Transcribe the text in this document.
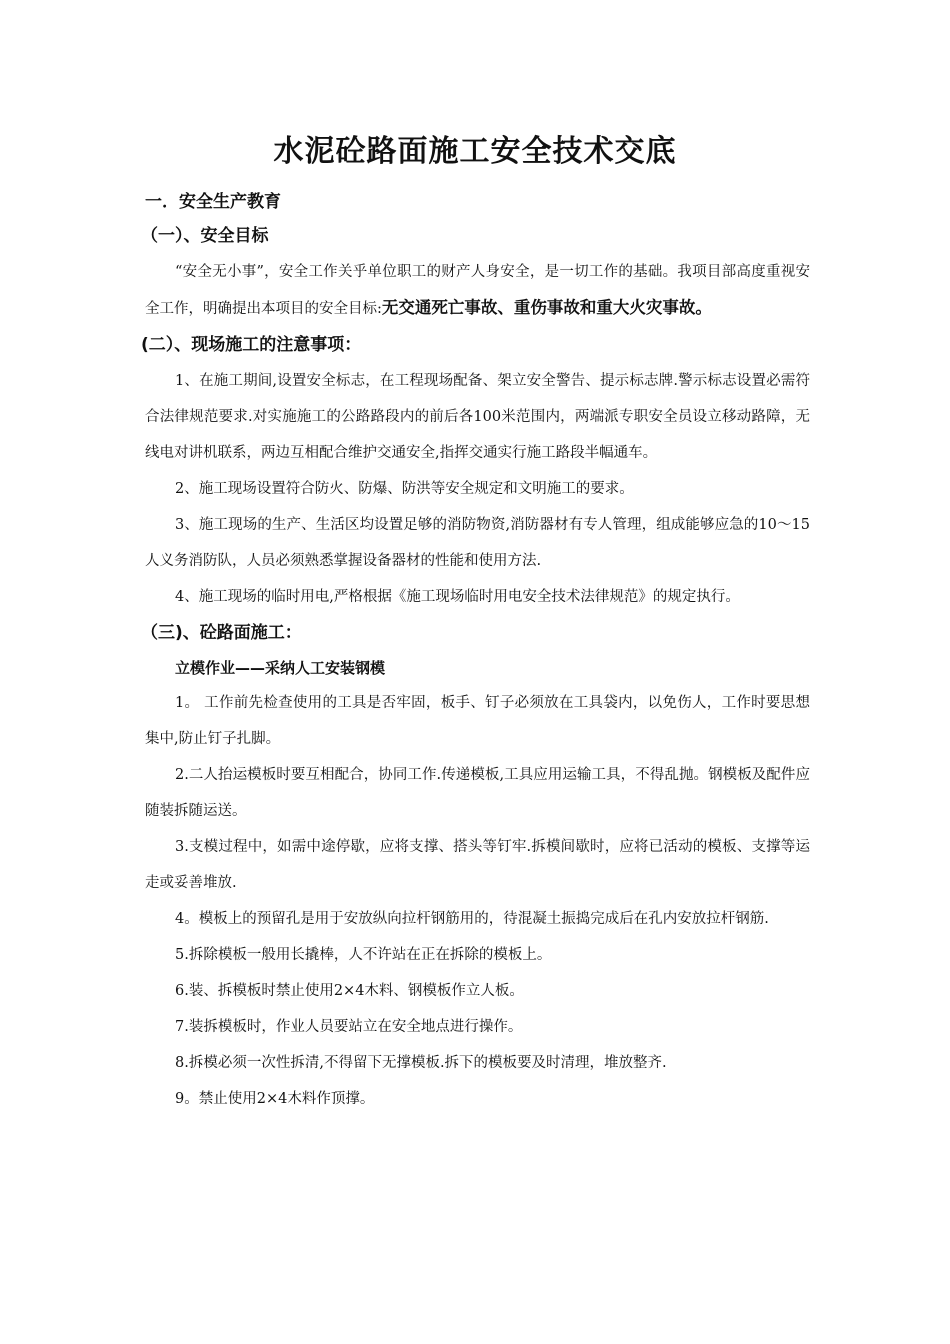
水泥砼路面施工安全技术交底
一．安全生产教育
（一）、安全目标

“安全无小事”，安全工作关乎单位职工的财产人身安全，是一切工作的基础。我项目部高度重视安全工作，明确提出本项目的安全目标:无交通死亡事故、重伤事故和重大火灾事故。

(二）、现场施工的注意事项：

1、在施工期间,设置安全标志，在工程现场配备、架立安全警告、提示标志牌.警示标志设置必需符合法律规范要求.对实施施工的公路路段内的前后各100米范围内，两端派专职安全员设立移动路障，无线电对讲机联系，两边互相配合维护交通安全,指挥交通实行施工路段半幅通车。

2、施工现场设置符合防火、防爆、防洪等安全规定和文明施工的要求。

3、施工现场的生产、生活区均设置足够的消防物资,消防器材有专人管理，组成能够应急的10～15人义务消防队，人员必须熟悉掌握设备器材的性能和使用方法.

4、施工现场的临时用电,严格根据《施工现场临时用电安全技术法律规范》的规定执行。

（三)、砼路面施工：
立模作业——采纳人工安装钢模

1。 工作前先检查使用的工具是否牢固，板手、钉子必须放在工具袋内，以免伤人，工作时要思想集中,防止钉子扎脚。

2.二人抬运模板时要互相配合，协同工作.传递模板,工具应用运输工具，不得乱抛。钢模板及配件应随装拆随运送。

3.支模过程中，如需中途停歇，应将支撑、搭头等钉牢.拆模间歇时，应将已活动的模板、支撑等运走或妥善堆放.

4。模板上的预留孔是用于安放纵向拉杆钢筋用的，待混凝土振捣完成后在孔内安放拉杆钢筋.

5.拆除模板一般用长撬棒，人不许站在正在拆除的模板上。

6.装、拆模板时禁止使用2×4木料、钢模板作立人板。

7.装拆模板时，作业人员要站立在安全地点进行操作。

8.拆模必须一次性拆清,不得留下无撑模板.拆下的模板要及时清理，堆放整齐.

9。禁止使用2×4木料作顶撑。
